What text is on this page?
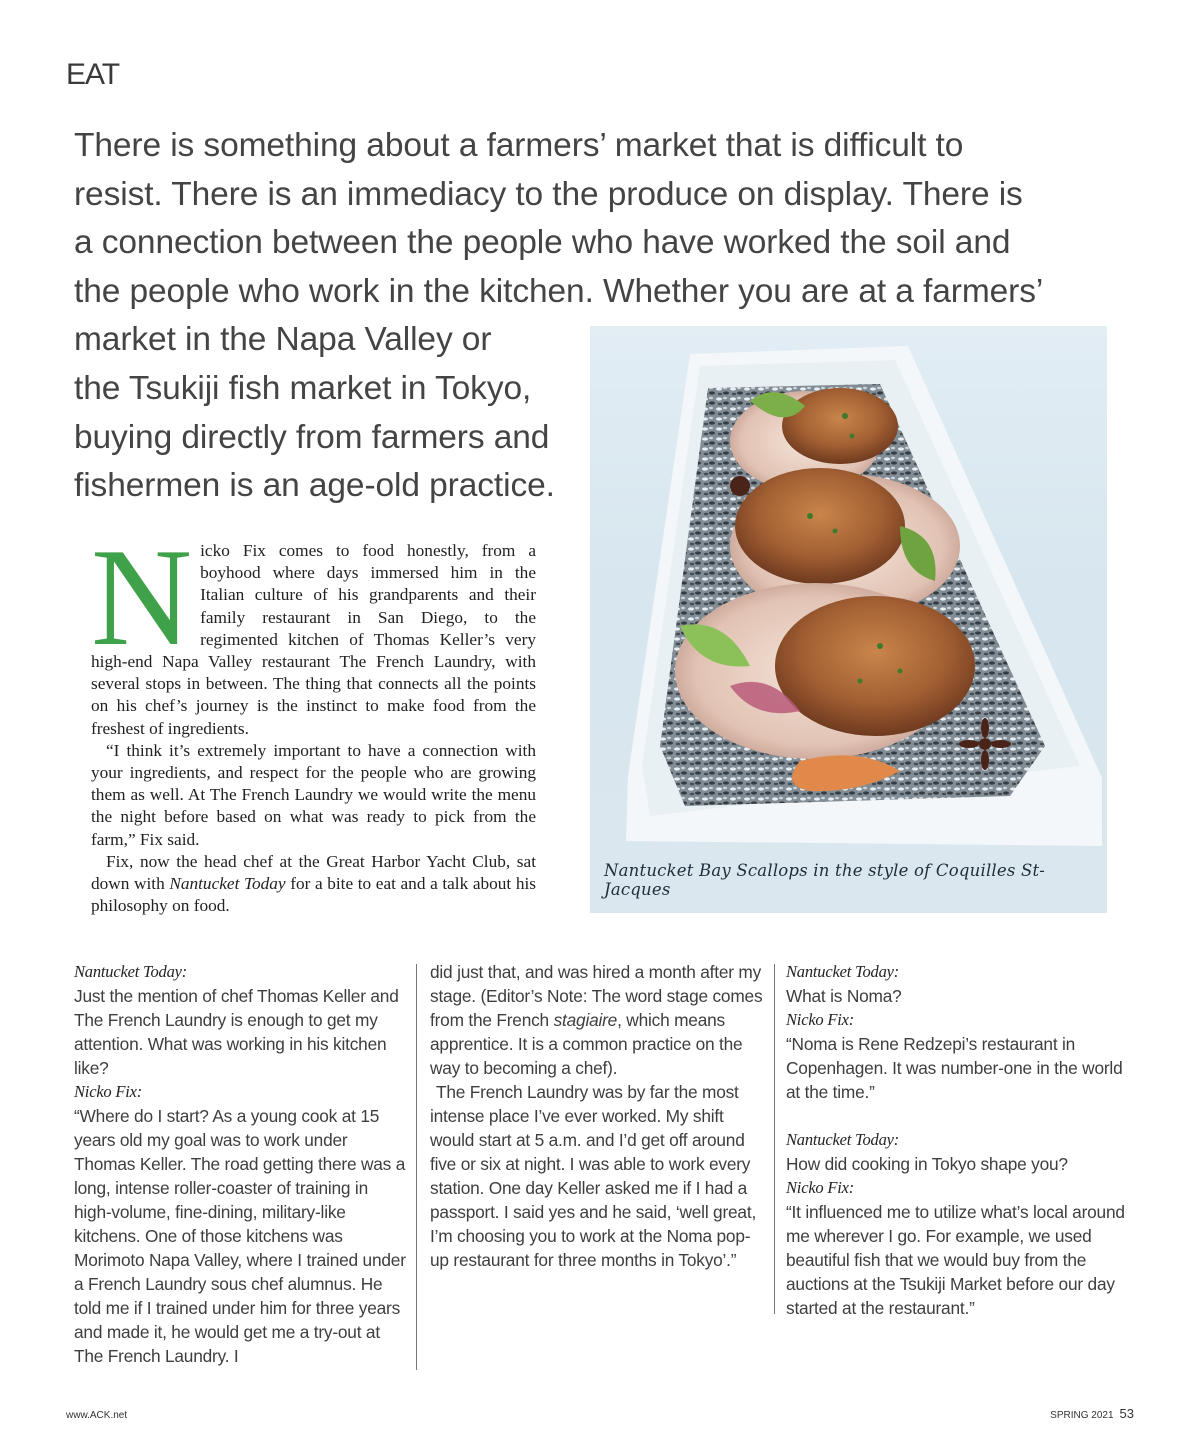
EAT
There is something about a farmers’ market that is difficult to
resist. There is an immediacy to the produce on display. There is
a connection between the people who have worked the soil and
the people who work in the kitchen. Whether you are at a farmers’
market in the Napa Valley or
the Tsukiji fish market in Tokyo,
buying directly from farmers and
fishermen is an age-old practice.
Nantucket Bay Scallops in the style of Coquilles St-Jacques
N icko Fix comes to food honestly, from a boyhood where days immersed him in the Italian culture of his grandparents and their family restaurant in San Diego, to the regimented kitchen of Thomas Keller’s very high-end Napa Valley restaurant The French Laundry, with several stops in between. The thing that connects all the points on his chef’s journey is the instinct to make food from the freshest of ingredients.

“I think it’s extremely important to have a connection with your ingredients, and respect for the people who are growing them as well. At The French Laundry we would write the menu the night before based on what was ready to pick from the farm,” Fix said.

Fix, now the head chef at the Great Harbor Yacht Club, sat down with Nantucket Today for a bite to eat and a talk about his philosophy on food.

Nantucket Today:

Just the mention of chef Thomas Keller and The French Laundry is enough to get my attention. What was working in his kitchen like?

Nicko Fix:

“Where do I start? As a young cook at 15 years old my goal was to work under Thomas Keller. The road getting there was a long, intense roller-coaster of training in high-volume, fine-dining, military-like kitchens. One of those kitchens was Morimoto Napa Valley, where I trained under a French Laundry sous chef alumnus. He told me if I trained under him for three years and made it, he would get me a try-out at The French Laundry. I

did just that, and was hired a month after my stage. (Editor’s Note: The word stage comes from the French stagiaire, which means apprentice. It is a common practice on the way to becoming a chef).

The French Laundry was by far the most intense place I’ve ever worked. My shift would start at 5 a.m. and I’d get off around five or six at night. I was able to work every station. One day Keller asked me if I had a passport. I said yes and he said, ‘well great, I’m choosing you to work at the Noma pop-up restaurant for three months in Tokyo’.”

Nantucket Today:

What is Noma?

Nicko Fix:

“Noma is Rene Redzepi’s restaurant in Copenhagen. It was number-one in the world at the time.”

Nantucket Today:

How did cooking in Tokyo shape you?

Nicko Fix:

“It influenced me to utilize what’s local around me wherever I go. For example, we used beautiful fish that we would buy from the auctions at the Tsukiji Market before our day started at the restaurant.”

www.ACK.net	SPRING 2021 53
